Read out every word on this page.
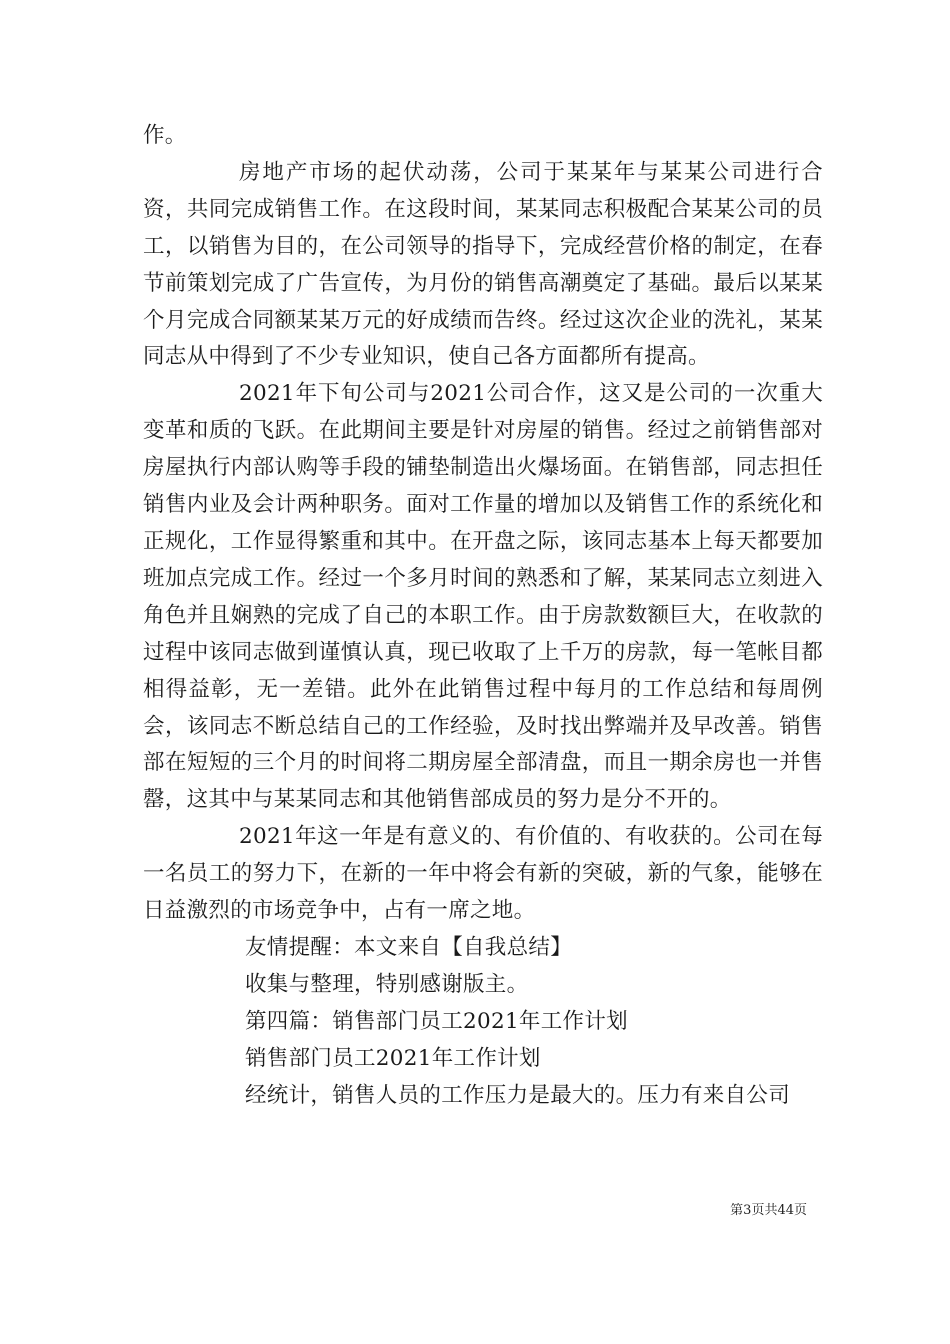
作。

房地产市场的起伏动荡，公司于某某年与某某公司进行合资，共同完成销售工作。在这段时间，某某同志积极配合某某公司的员工，以销售为目的，在公司领导的指导下，完成经营价格的制定，在春节前策划完成了广告宣传，为月份的销售高潮奠定了基础。最后以某某个月完成合同额某某万元的好成绩而告终。经过这次企业的洗礼，某某同志从中得到了不少专业知识，使自己各方面都所有提高。

2021年下旬公司与2021公司合作，这又是公司的一次重大变革和质的飞跃。在此期间主要是针对房屋的销售。经过之前销售部对房屋执行内部认购等手段的铺垫制造出火爆场面。在销售部，同志担任销售内业及会计两种职务。面对工作量的增加以及销售工作的系统化和正规化，工作显得繁重和其中。在开盘之际，该同志基本上每天都要加班加点完成工作。经过一个多月时间的熟悉和了解，某某同志立刻进入角色并且娴熟的完成了自己的本职工作。由于房款数额巨大，在收款的过程中该同志做到谨慎认真，现已收取了上千万的房款，每一笔帐目都相得益彰，无一差错。此外在此销售过程中每月的工作总结和每周例会，该同志不断总结自己的工作经验，及时找出弊端并及早改善。销售部在短短的三个月的时间将二期房屋全部清盘，而且一期余房也一并售罄，这其中与某某同志和其他销售部成员的努力是分不开的。

2021年这一年是有意义的、有价值的、有收获的。公司在每一名员工的努力下，在新的一年中将会有新的突破，新的气象，能够在日益激烈的市场竞争中，占有一席之地。

友情提醒：本文来自【自我总结】

收集与整理，特别感谢版主。

第四篇：销售部门员工2021年工作计划

销售部门员工2021年工作计划

经统计，销售人员的工作压力是最大的。压力有来自公司

第3页共44页
